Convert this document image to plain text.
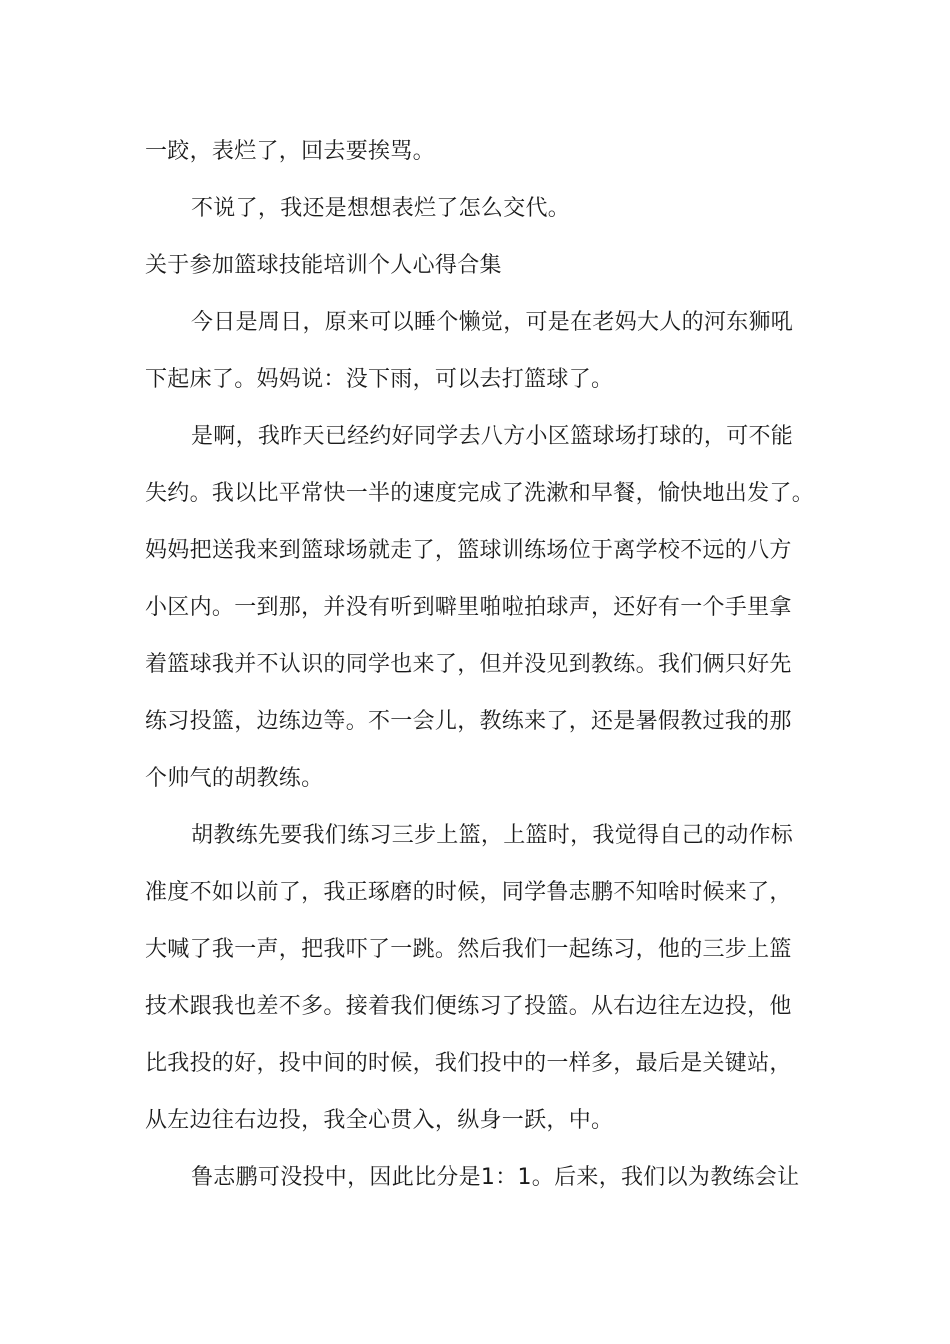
一跤，表烂了，回去要挨骂。
不说了，我还是想想表烂了怎么交代。
关于参加篮球技能培训个人心得合集
今日是周日，原来可以睡个懒觉，可是在老妈大人的河东狮吼
下起床了。妈妈说：没下雨，可以去打篮球了。
是啊，我昨天已经约好同学去八方小区篮球场打球的，可不能
失约。我以比平常快一半的速度完成了洗漱和早餐，愉快地出发了。
妈妈把送我来到篮球场就走了，篮球训练场位于离学校不远的八方
小区内。一到那，并没有听到噼里啪啦拍球声，还好有一个手里拿
着篮球我并不认识的同学也来了，但并没见到教练。我们俩只好先
练习投篮，边练边等。不一会儿，教练来了，还是暑假教过我的那
个帅气的胡教练。
胡教练先要我们练习三步上篮，上篮时，我觉得自己的动作标
准度不如以前了，我正琢磨的时候，同学鲁志鹏不知啥时候来了，
大喊了我一声，把我吓了一跳。然后我们一起练习，他的三步上篮
技术跟我也差不多。接着我们便练习了投篮。从右边往左边投，他
比我投的好，投中间的时候，我们投中的一样多，最后是关键站，
从左边往右边投，我全心贯入，纵身一跃，中。
鲁志鹏可没投中，因此比分是1：1。后来，我们以为教练会让
